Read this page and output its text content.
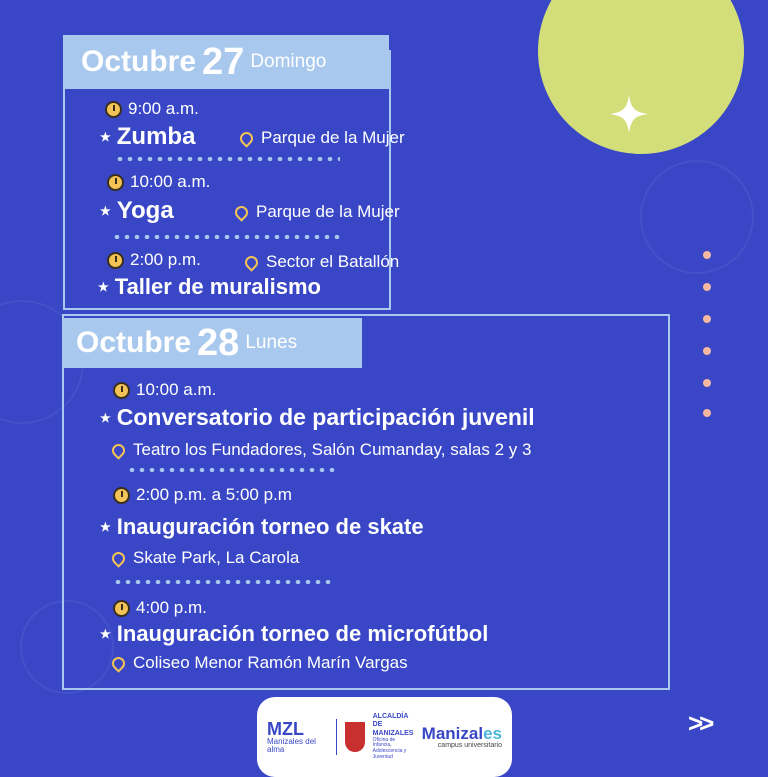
Octubre 27 Domingo
9:00 a.m.
★ Zumba	Parque de la Mujer
10:00 a.m.
★ Yoga	Parque de la Mujer
2:00 p.m.	Sector el Batallón
★ Taller de muralismo
Octubre 28 Lunes
10:00 a.m.
★ Conversatorio de participación juvenil
Teatro los Fundadores, Salón Cumanday, salas 2 y 3
2:00 p.m. a 5:00 p.m
★ Inauguración torneo de skate
Skate Park, La Carola
4:00 p.m.
★ Inauguración torneo de microfútbol
Coliseo Menor Ramón Marín Vargas
MZL
Manizales del alma
ALCALDÍA DE MANIZALES
Oficina de Infancia, Adolescencia y Juventud
Manizales
campus universitario
>>
